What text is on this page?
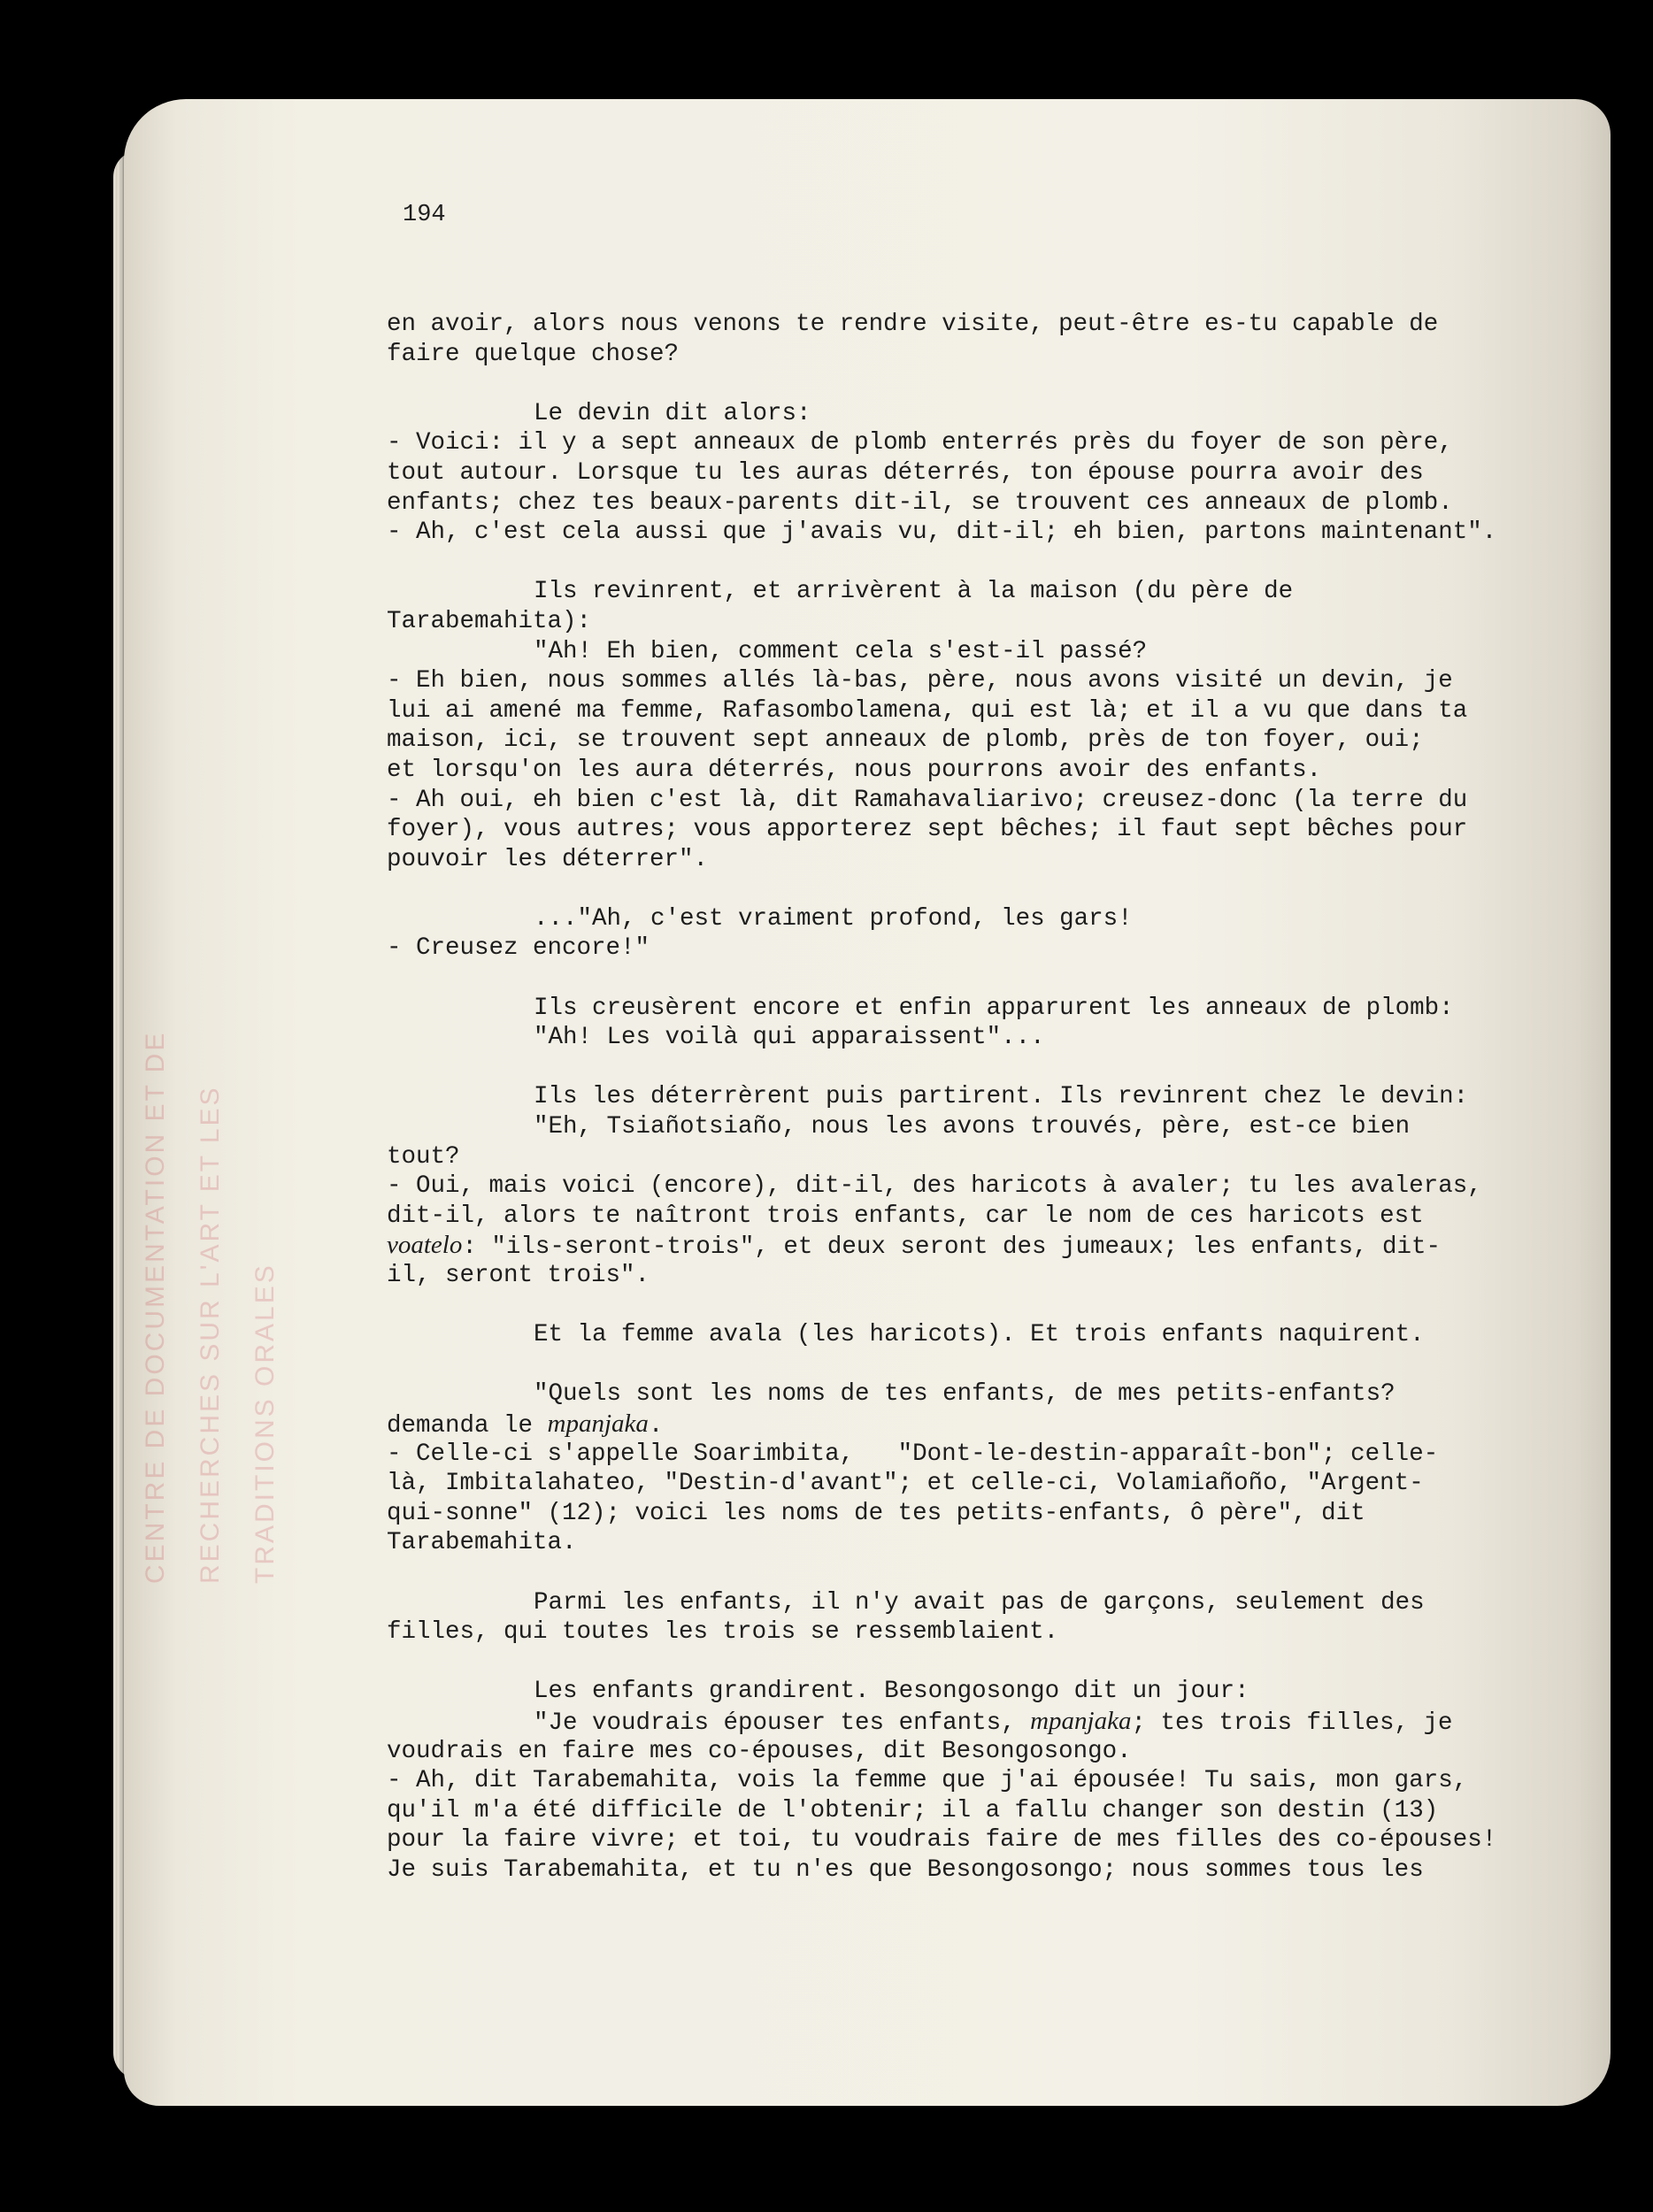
CENTRE DE DOCUMENTATION ET DE RECHERCHES SUR L'ART ET LES TRADITIONS ORALES
194
en avoir, alors nous venons te rendre visite, peut-être es-tu capable de
faire quelque chose?
Le devin dit alors:
- Voici: il y a sept anneaux de plomb enterrés près du foyer de son père,
tout autour. Lorsque tu les auras déterrés, ton épouse pourra avoir des
enfants; chez tes beaux-parents dit-il, se trouvent ces anneaux de plomb.
- Ah, c'est cela aussi que j'avais vu, dit-il; eh bien, partons maintenant".
Ils revinrent, et arrivèrent à la maison (du père de
Tarabemahita):
"Ah! Eh bien, comment cela s'est-il passé?
- Eh bien, nous sommes allés là-bas, père, nous avons visité un devin, je
lui ai amené ma femme, Rafasombolamena, qui est là; et il a vu que dans ta
maison, ici, se trouvent sept anneaux de plomb, près de ton foyer, oui;
et lorsqu'on les aura déterrés, nous pourrons avoir des enfants.
- Ah oui, eh bien c'est là, dit Ramahavaliarivo; creusez-donc (la terre du
foyer), vous autres; vous apporterez sept bêches; il faut sept bêches pour
pouvoir les déterrer".
..."Ah, c'est vraiment profond, les gars!
- Creusez encore!"
Ils creusèrent encore et enfin apparurent les anneaux de plomb:
"Ah! Les voilà qui apparaissent"...
Ils les déterrèrent puis partirent. Ils revinrent chez le devin:
"Eh, Tsiañotsiaño, nous les avons trouvés, père, est-ce bien
tout?
- Oui, mais voici (encore), dit-il, des haricots à avaler; tu les avaleras,
dit-il, alors te naîtront trois enfants, car le nom de ces haricots est
voatelo: "ils-seront-trois", et deux seront des jumeaux; les enfants, dit-
il, seront trois".
Et la femme avala (les haricots). Et trois enfants naquirent.
"Quels sont les noms de tes enfants, de mes petits-enfants?
demanda le mpanjaka.
- Celle-ci s'appelle Soarimbita,   "Dont-le-destin-apparaît-bon"; celle-
là, Imbitalahateo, "Destin-d'avant"; et celle-ci, Volamiañoño, "Argent-
qui-sonne" (12); voici les noms de tes petits-enfants, ô père", dit
Tarabemahita.
Parmi les enfants, il n'y avait pas de garçons, seulement des
filles, qui toutes les trois se ressemblaient.
Les enfants grandirent. Besongosongo dit un jour:
"Je voudrais épouser tes enfants, mpanjaka; tes trois filles, je
voudrais en faire mes co-épouses, dit Besongosongo.
- Ah, dit Tarabemahita, vois la femme que j'ai épousée! Tu sais, mon gars,
qu'il m'a été difficile de l'obtenir; il a fallu changer son destin (13)
pour la faire vivre; et toi, tu voudrais faire de mes filles des co-épouses!
Je suis Tarabemahita, et tu n'es que Besongosongo; nous sommes tous les
